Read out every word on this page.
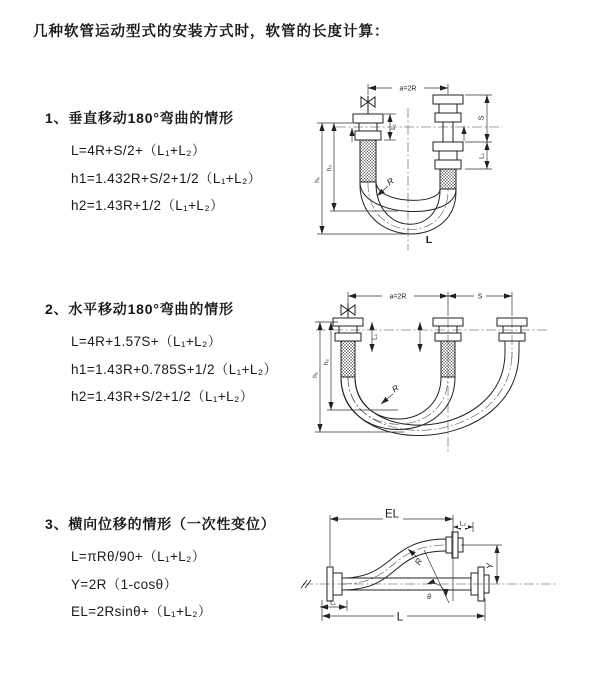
几种软管运动型式的安装方式时，软管的长度计算：
1、垂直移动180°弯曲的情形
L=4R+S/2+（L₁+L₂）
h1=1.432R+S/2+1/2（L₁+L₂）
h2=1.43R+1/2（L₁+L₂）
2、水平移动180°弯曲的情形
L=4R+1.57S+（L₁+L₂）
h1=1.43R+0.785S+1/2（L₁+L₂）
h2=1.43R+S/2+1/2（L₁+L₂）
3、横向位移的情形（一次性变位）
L=πRθ/90+（L₁+L₂）
Y=2R（1-cosθ）
EL=2Rsinθ+（L₁+L₂）
a=2R
L₁
S
L₁
h₁
h₂
R
L
a=2R	S
L₁
h₁
h₂
R
EL
L₂
Y
L
L₁
R
θ
